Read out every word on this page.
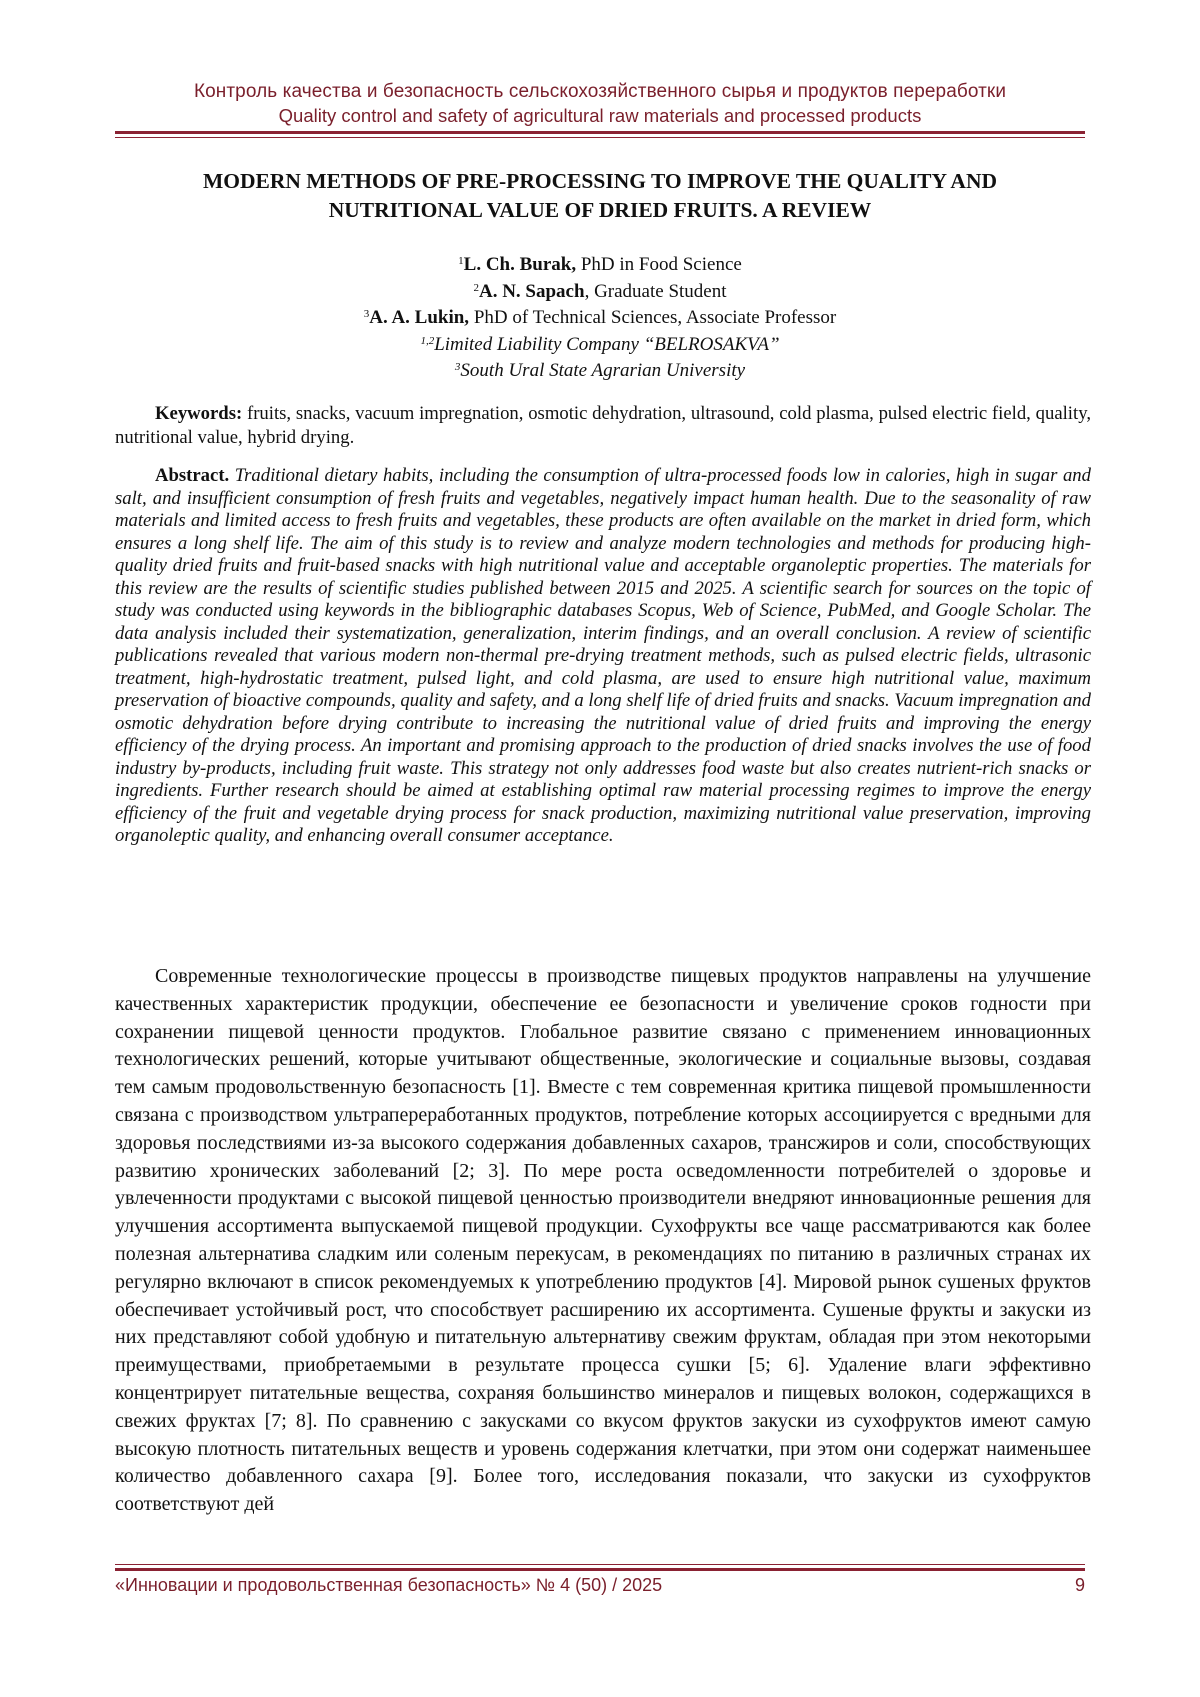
Контроль качества и безопасность сельскохозяйственного сырья и продуктов переработки
Quality control and safety of agricultural raw materials and processed products
MODERN METHODS OF PRE-PROCESSING TO IMPROVE THE QUALITY AND
NUTRITIONAL VALUE OF DRIED FRUITS. A REVIEW
$^1$L. Ch. Burak, PhD in Food Science
$^2$A. N. Sapach, Graduate Student
$^3$A. A. Lukin, PhD of Technical Sciences, Associate Professor
$^{1,2}$Limited Liability Company “BELROSAKVA”
$^3$South Ural State Agrarian University
Keywords: fruits, snacks, vacuum impregnation, osmotic dehydration, ultrasound, cold plasma, pulsed electric field, quality, nutritional value, hybrid drying.
Abstract. Traditional dietary habits, including the consumption of ultra-processed foods low in calories, high in sugar and salt, and insufficient consumption of fresh fruits and vegetables, negatively impact human health. Due to the seasonality of raw materials and limited access to fresh fruits and vegetables, these products are often available on the market in dried form, which ensures a long shelf life. The aim of this study is to review and analyze modern technologies and methods for producing high-quality dried fruits and fruit-based snacks with high nutritional value and acceptable organoleptic properties. The materials for this review are the results of scientific studies published between 2015 and 2025. A scientific search for sources on the topic of study was conducted using keywords in the bibliographic databases Scopus, Web of Science, PubMed, and Google Scholar. The data analysis included their systematization, generalization, interim findings, and an overall conclusion. A review of scientific publications revealed that various modern non-thermal pre-drying treatment methods, such as pulsed electric fields, ultrasonic treatment, high-hydrostatic treatment, pulsed light, and cold plasma, are used to ensure high nutritional value, maximum preservation of bioactive compounds, quality and safety, and a long shelf life of dried fruits and snacks. Vacuum impregnation and osmotic dehydration before drying contribute to increasing the nutritional value of dried fruits and improving the energy efficiency of the drying process. An important and promising approach to the production of dried snacks involves the use of food industry by-products, including fruit waste. This strategy not only addresses food waste but also creates nutrient-rich snacks or ingredients. Further research should be aimed at establishing optimal raw material processing regimes to improve the energy efficiency of the fruit and vegetable drying process for snack production, maximizing nutritional value preservation, improving organoleptic quality, and enhancing overall consumer acceptance.
Современные технологические процессы в производстве пищевых продуктов направлены на улучшение качественных характеристик продукции, обеспечение ее безопасности и увеличение сроков годности при сохранении пищевой ценности продуктов. Глобальное развитие связано с применением инновационных технологических решений, которые учитывают общественные, экологические и социальные вызовы, создавая тем самым продовольственную безопасность [1]. Вместе с тем современная критика пищевой промышленности связана с производством ультрапереработанных продуктов, потребление которых ассоциируется с вредными для здоровья последствиями из-за высокого содержания добавленных сахаров, трансжиров и соли, способствующих развитию хронических заболеваний [2; 3]. По мере роста осведомленности потребителей о здоровье и увлеченности продуктами с высокой пищевой ценностью производители внедряют инновационные решения для улучшения ассортимента выпускаемой пищевой продукции. Сухофрукты все чаще рассматриваются как более полезная альтернатива сладким или соленым перекусам, в рекомендациях по питанию в различных странах их регулярно включают в список рекомендуемых к употреблению продуктов [4]. Мировой рынок сушеных фруктов обеспечивает устойчивый рост, что способствует расширению их ассортимента. Сушеные фрукты и закуски из них представляют собой удобную и питательную альтернативу свежим фруктам, обладая при этом некоторыми преимуществами, приобретаемыми в результате процесса сушки [5; 6]. Удаление влаги эффективно концентрирует питательные вещества, сохраняя большинство минералов и пищевых волокон, содержащихся в свежих фруктах [7; 8]. По сравнению с закусками со вкусом фруктов закуски из сухофруктов имеют самую высокую плотность питательных веществ и уровень содержания клетчатки, при этом они содержат наименьшее количество добавленного сахара [9]. Более того, исследования показали, что закуски из сухофруктов соответствуют дей
«Инновации и продовольственная безопасность» № 4 (50) / 2025	9
